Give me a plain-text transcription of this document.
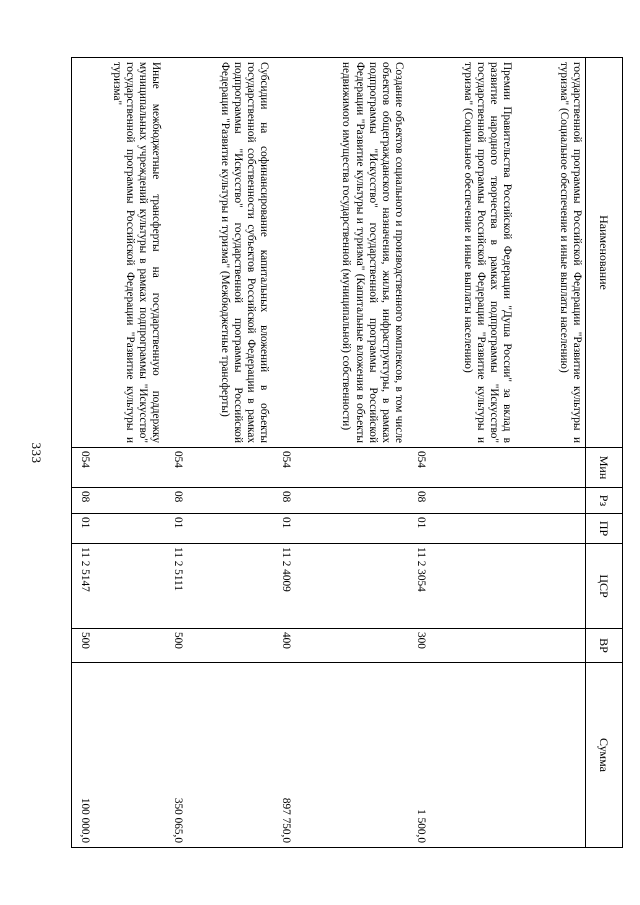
333
Наименование	Мин	Рз	ПР	ЦСР	ВР	Сумма
государственной программы Российской Федерации "Развитие культуры и туризма" (Социальное обеспечение и иные выплаты населению)						
Премии Правительства Российской Федерации "Душа России" за вклад в развитие народного творчества в рамках подпрограммы "Искусство" государственной программы Российской Федерации "Развитие культуры и туризма" (Социальное обеспечение и иные выплаты населению)	054	08	01	11 2 3054	300	1 500,0
Создание объектов социального и производственного комплексов, в том числе объектов общегражданского назначения, жилья, инфраструктуры, в рамках подпрограммы "Искусство" государственной программы Российской Федерации "Развитие культуры и туризма" (Капитальные вложения в объекты недвижимого имущества государственной (муниципальной) собственности)	054	08	01	11 2 4009	400	897 750,0
Субсидии на софинансирование капитальных вложений в объекты государственной собственности субъектов Российской Федерации в рамках подпрограммы "Искусство" государственной программы Российской Федерации "Развитие культуры и туризма" (Межбюджетные трансферты)	054	08	01	11 2 5111	500	350 065,0
Иные межбюджетные трансферты на государственную поддержку муниципальных учреждений культуры в рамках подпрограммы "Искусство" государственной программы Российской Федерации "Развитие культуры и туризма"	054	08	01	11 2 5147	500	100 000,0
